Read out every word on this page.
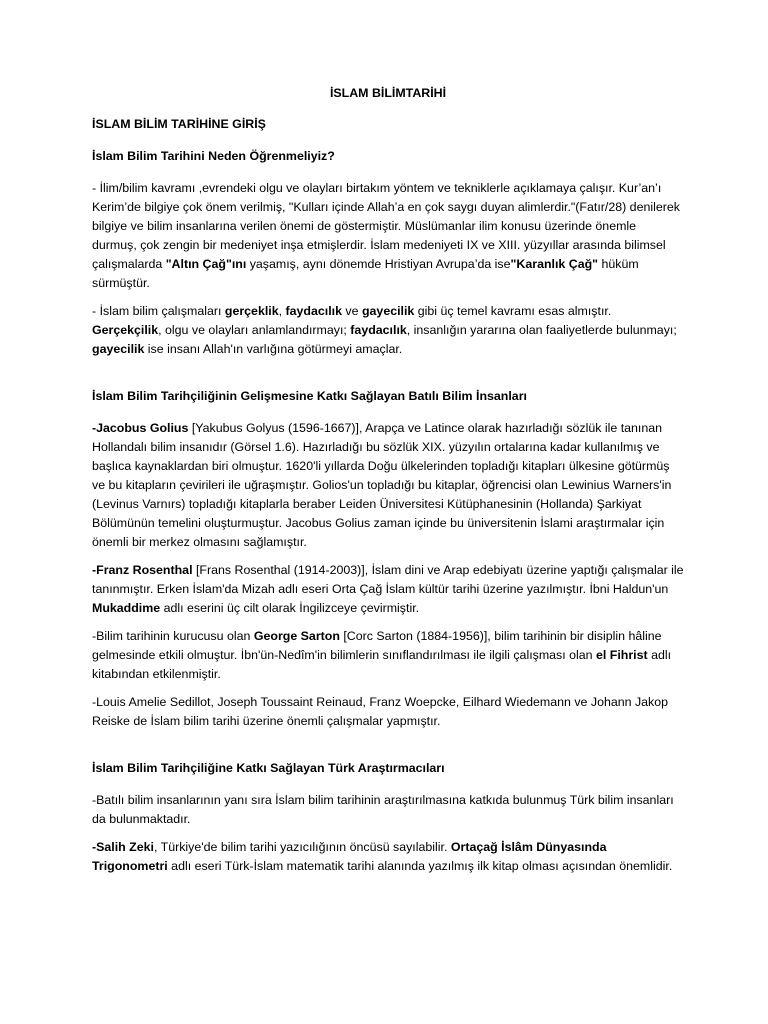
İSLAM BİLİMTARİHİ
İSLAM BİLİM TARİHİNE GİRİŞ
İslam Bilim Tarihini Neden Öğrenmeliyiz?

- İlim/bilim kavramı ,evrendeki olgu ve olayları birtakım yöntem ve tekniklerle açıklamaya çalışır. Kur’an’ı Kerim’de bilgiye çok önem verilmiş, "Kulları içinde Allah’a en çok saygı duyan alimlerdir."(Fatır/28) denilerek bilgiye ve bilim insanlarına verilen önemi de göstermiştir. Müslümanlar ilim konusu üzerinde önemle durmuş, çok zengin bir medeniyet inşa etmişlerdir. İslam medeniyeti IX ve XIII. yüzyıllar arasında bilimsel çalışmalarda "Altın Çağ"ını yaşamış, aynı dönemde Hristiyan Avrupa’da ise"Karanlık Çağ" hüküm sürmüştür.

- İslam bilim çalışmaları gerçeklik, faydacılık ve gayecilik gibi üç temel kavramı esas almıştır. Gerçekçilik, olgu ve olayları anlamlandırmayı; faydacılık, insanlığın yararına olan faaliyetlerde bulunmayı; gayecilik ise insanı Allah'ın varlığına götürmeyi amaçlar.

İslam Bilim Tarihçiliğinin Gelişmesine Katkı Sağlayan Batılı Bilim İnsanları

-Jacobus Golius [Yakubus Golyus (1596-1667)], Arapça ve Latince olarak hazırladığı sözlük ile tanınan Hollandalı bilim insanıdır (Görsel 1.6). Hazırladığı bu sözlük XIX. yüzyılın ortalarına kadar kullanılmış ve başlıca kaynaklardan biri olmuştur. 1620'li yıllarda Doğu ülkelerinden topladığı kitapları ülkesine götürmüş ve bu kitapların çevirileri ile uğraşmıştır. Golios'un topladığı bu kitaplar, öğrencisi olan Lewinius Warners'in (Levinus Varnırs) topladığı kitaplarla beraber Leiden Üniversitesi Kütüphanesinin (Hollanda) Şarkiyat Bölümünün temelini oluşturmuştur. Jacobus Golius zaman içinde bu üniversitenin İslami araştırmalar için önemli bir merkez olmasını sağlamıştır.

-Franz Rosenthal [Frans Rosenthal (1914-2003)], İslam dini ve Arap edebiyatı üzerine yaptığı çalışmalar ile tanınmıştır. Erken İslam'da Mizah adlı eseri Orta Çağ İslam kültür tarihi üzerine yazılmıştır. İbni Haldun'un Mukaddime adlı eserini üç cilt olarak İngilizceye çevirmiştir.

-Bilim tarihinin kurucusu olan George Sarton [Corc Sarton (1884-1956)], bilim tarihinin bir disiplin hâline gelmesinde etkili olmuştur. İbn'ün-Nedîm'in bilimlerin sınıflandırılması ile ilgili çalışması olan el Fihrist adlı kitabından etkilenmiştir.

-Louis Amelie Sedillot, Joseph Toussaint Reinaud, Franz Woepcke, Eilhard Wiedemann ve Johann Jakop Reiske de İslam bilim tarihi üzerine önemli çalışmalar yapmıştır.

İslam Bilim Tarihçiliğine Katkı Sağlayan Türk Araştırmacıları

-Batılı bilim insanlarının yanı sıra İslam bilim tarihinin araştırılmasına katkıda bulunmuş Türk bilim insanları da bulunmaktadır.

-Salih Zeki, Türkiye'de bilim tarihi yazıcılığının öncüsü sayılabilir. Ortaçağ İslâm Dünyasında Trigonometri adlı eseri Türk-İslam matematik tarihi alanında yazılmış ilk kitap olması açısından önemlidir.
